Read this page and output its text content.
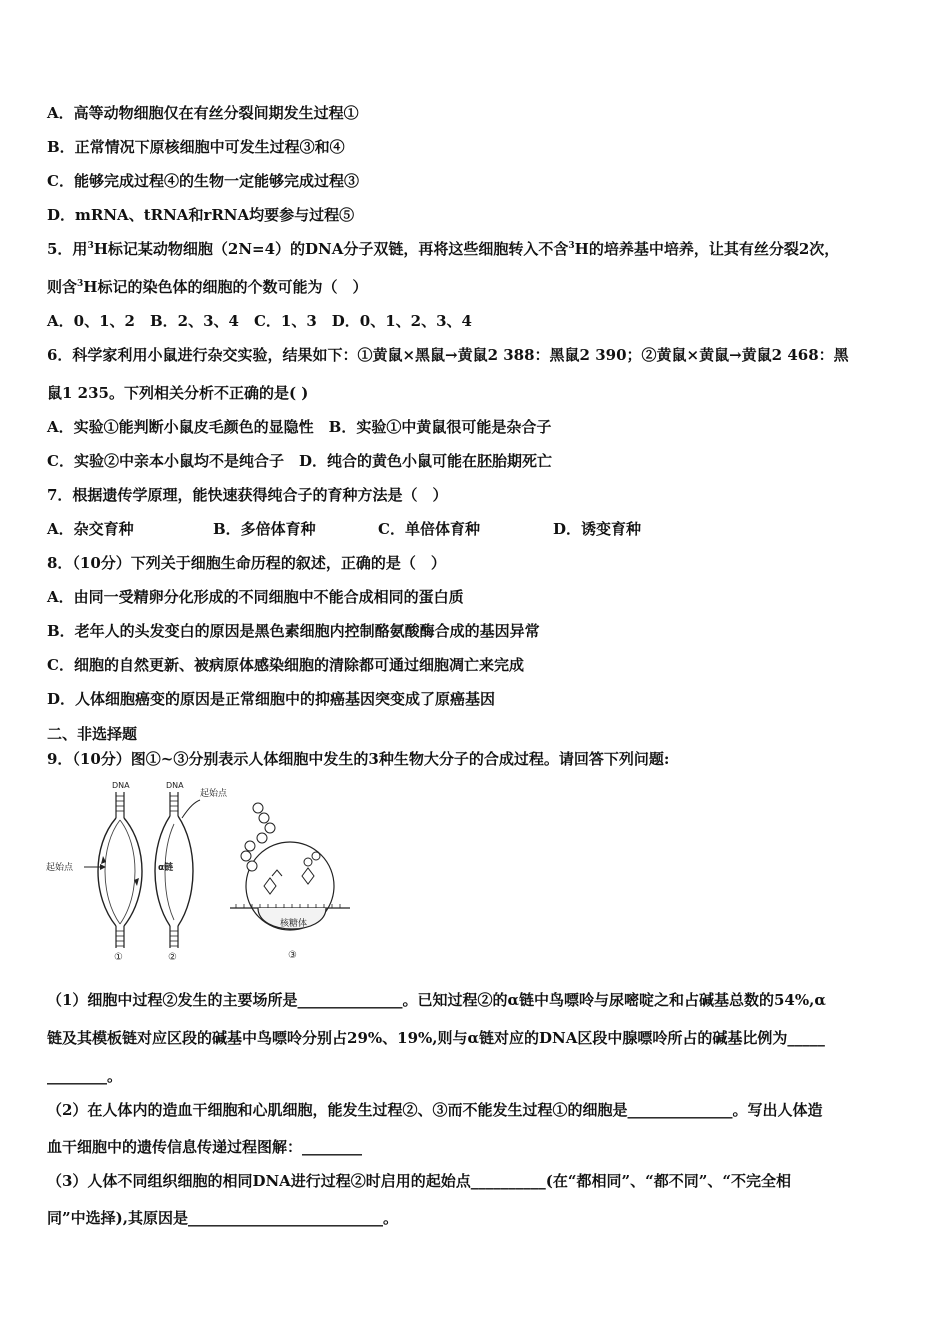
A．高等动物细胞仅在有丝分裂间期发生过程①
B．正常情况下原核细胞中可发生过程③和④
C．能够完成过程④的生物一定能够完成过程③
D．mRNA、tRNA和rRNA均要参与过程⑤
5．用$^3$H标记某动物细胞（2N=4）的DNA分子双链，再将这些细胞转入不含$^3$H的培养基中培养，让其有丝分裂2次，
则含$^3$H标记的染色体的细胞的个数可能为（　）
A．0、1、2　B．2、3、4　C．1、3　D．0、1、2、3、4
6．科学家利用小鼠进行杂交实验，结果如下：①黄鼠×黑鼠→黄鼠2 388：黑鼠2 390；②黄鼠×黄鼠→黄鼠2 468：黑
鼠1 235。下列相关分析不正确的是( )
A．实验①能判断小鼠皮毛颜色的显隐性　B．实验①中黄鼠很可能是杂合子
C．实验②中亲本小鼠均不是纯合子　D．纯合的黄色小鼠可能在胚胎期死亡
7．根据遗传学原理，能快速获得纯合子的育种方法是（　）
A．杂交育种	B．多倍体育种	C．单倍体育种	D．诱变育种
8．（10分）下列关于细胞生命历程的叙述，正确的是（　）
A．由同一受精卵分化形成的不同细胞中不能合成相同的蛋白质
B．老年人的头发变白的原因是黑色素细胞内控制酪氨酸酶合成的基因异常
C．细胞的自然更新、被病原体感染细胞的清除都可通过细胞凋亡来完成
D．人体细胞癌变的原因是正常细胞中的抑癌基因突变成了原癌基因
二、非选择题
9．（10分）图①~③分别表示人体细胞中发生的3种生物大分子的合成过程。请回答下列问题:
DNA
起始点
①
DNA
α链
起始点
②
核糖体
③
（1）细胞中过程②发生的主要场所是______________。已知过程②的α链中鸟嘌呤与尿嘧啶之和占碱基总数的54%,α
链及其模板链对应区段的碱基中鸟嘌呤分别占29%、19%,则与α链对应的DNA区段中腺嘌呤所占的碱基比例为_____
________。
（2）在人体内的造血干细胞和心肌细胞，能发生过程②、③而不能发生过程①的细胞是______________。写出人体造
血干细胞中的遗传信息传递过程图解：________
（3）人体不同组织细胞的相同DNA进行过程②时启用的起始点__________(在“都相同”、“都不同”、“不完全相
同”中选择),其原因是__________________________。
